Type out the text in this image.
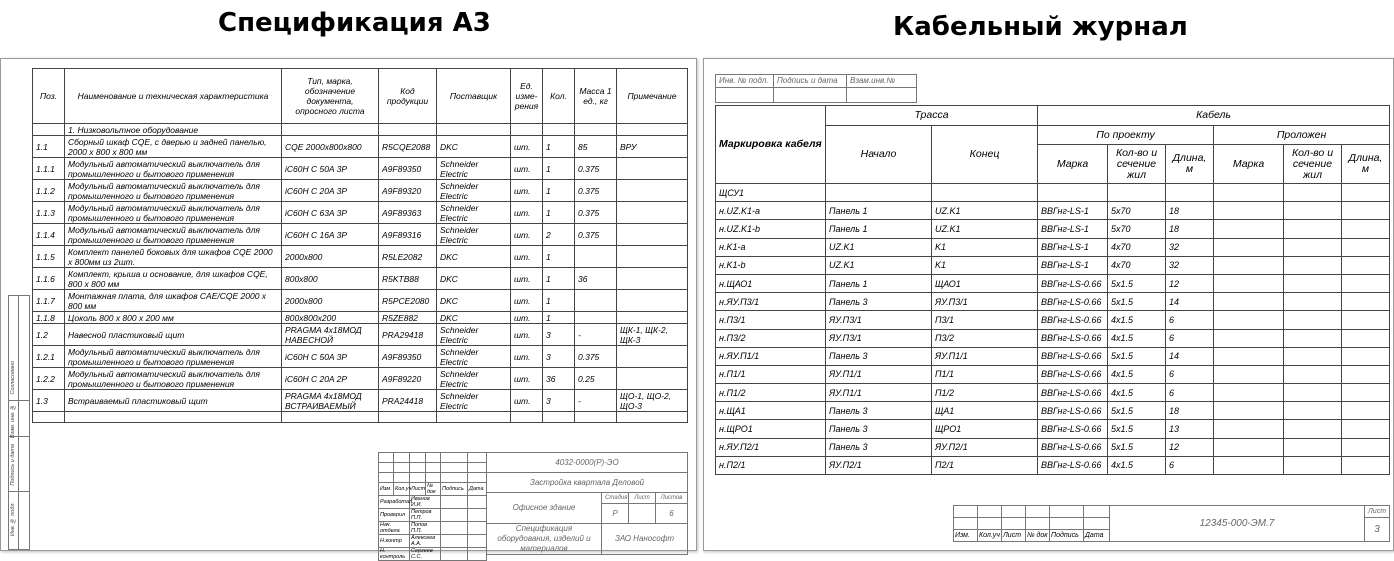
Спецификация А3	Кабельный журнал
Поз.	Наименование и техническая характеристика	Тип, марка, обозначение документа, опросного листа	Код продукции	Поставщик	Ед. изме-рения	Кол.	Масса 1 ед., кг	Примечание
	1. Низковольтное оборудование							
1.1	Сборный шкаф CQE, с дверью и задней панелью, 2000 x 800 x 800 мм	CQE 2000x800x800	R5CQE2088	DKC	шт.	1	85	ВРУ
1.1.1	Модульный автоматический выключатель для промышленного и бытового применения	iC60H C 50A 3P	A9F89350	Schneider Electric	шт.	1	0.375	
1.1.2	Модульный автоматический выключатель для промышленного и бытового применения	iC60H C 20A 3P	A9F89320	Schneider Electric	шт.	1	0.375	
1.1.3	Модульный автоматический выключатель для промышленного и бытового применения	iC60H C 63A 3P	A9F89363	Schneider Electric	шт.	1	0.375	
1.1.4	Модульный автоматический выключатель для промышленного и бытового применения	iC60H C 16A 3P	A9F89316	Schneider Electric	шт.	2	0.375	
1.1.5	Комплект панелей боковых для шкафов CQE 2000 x 800мм из 2шт.	2000x800	R5LE2082	DKC	шт.	1		
1.1.6	Комплект, крыша и основание, для шкафов CQE, 800 x 800 мм	800x800	R5KTB88	DKC	шт.	1	36	
1.1.7	Монтажная плата, для шкафов CAE/CQE 2000 x 800 мм	2000x800	R5PCE2080	DKC	шт.	1		
1.1.8	Цоколь 800 x 800 x 200 мм	800x800x200	R5ZE882	DKC	шт.	1		
1.2	Навесной пластиковый щит	PRAGMA 4x18МОД НАВЕСНОЙ	PRA29418	Schneider Electric	шт.	3	-	ЩК-1, ЩК-2, ЩК-3
1.2.1	Модульный автоматический выключатель для промышленного и бытового применения	iC60H C 50A 3P	A9F89350	Schneider Electric	шт.	3	0.375	
1.2.2	Модульный автоматический выключатель для промышленного и бытового применения	iC60H C 20A 2P	A9F89220	Schneider Electric	шт.	36	0.25	
1.3	Встраиваемый пластиковый щит	PRAGMA 4x18МОД ВСТРАИВАЕМЫЙ	PRA24418	Schneider Electric	шт.	3	-	ЩО-1, ЩО-2, ЩО-3

Согласовано
Взам. инв. №
Подпись и дата
Инв. № подл.

Изм.	Кол.уч	Лист	№ док	Подпись	Дата
Разработал		Иванов И.И.			
Проверил		Петров П.П.			
Нач. отдела		Попов П.П.			
Н.контр		Алексеев А.А.			
Н. контроль		Сергеев С.С.			
4032-0000(Р)-ЭО			
Застройка квартала Деловой			
Офисное здание	Стадия	Лист	Листов
	Р		6
Спецификация оборудования, изделий и материалов	ЗАО Нанософт		
Инв. № подл.	Подпись и дата	Взам.инв.№

Маркировка кабеля	Трасса		Кабель					
	Начало	Конец	По проекту			Проложен		
			Марка	Кол-во и сечение жил	Длина, м	Марка	Кол-во и сечение жил	Длина, м
ЩСУ1								
н.UZ.K1-a	Панель 1	UZ.K1	ВВГнг-LS-1	5x70	18			
н.UZ.K1-b	Панель 1	UZ.K1	ВВГнг-LS-1	5x70	18			
н.K1-a	UZ.K1	K1	ВВГнг-LS-1	4x70	32			
н.K1-b	UZ.K1	K1	ВВГнг-LS-1	4x70	32			
н.ЩАО1	Панель 1	ЩАО1	ВВГнг-LS-0.66	5x1.5	12			
н.ЯУ.П3/1	Панель 3	ЯУ.П3/1	ВВГнг-LS-0.66	5x1.5	14			
н.П3/1	ЯУ.П3/1	П3/1	ВВГнг-LS-0.66	4x1.5	6			
н.П3/2	ЯУ.П3/1	П3/2	ВВГнг-LS-0.66	4x1.5	6			
н.ЯУ.П1/1	Панель 3	ЯУ.П1/1	ВВГнг-LS-0.66	5x1.5	14			
н.П1/1	ЯУ.П1/1	П1/1	ВВГнг-LS-0.66	4x1.5	6			
н.П1/2	ЯУ.П1/1	П1/2	ВВГнг-LS-0.66	4x1.5	6			
н.ЩА1	Панель 3	ЩА1	ВВГнг-LS-0.66	5x1.5	18			
н.ЩРО1	Панель 3	ЩРО1	ВВГнг-LS-0.66	5x1.5	13			
н.ЯУ.П2/1	Панель 3	ЯУ.П2/1	ВВГнг-LS-0.66	5x1.5	12			
н.П2/1	ЯУ.П2/1	П2/1	ВВГнг-LS-0.66	4x1.5	6			

Изм.	Кол.уч	Лист	№ док	Подпись	Дата
12345-000-ЭМ.7	Лист
3
